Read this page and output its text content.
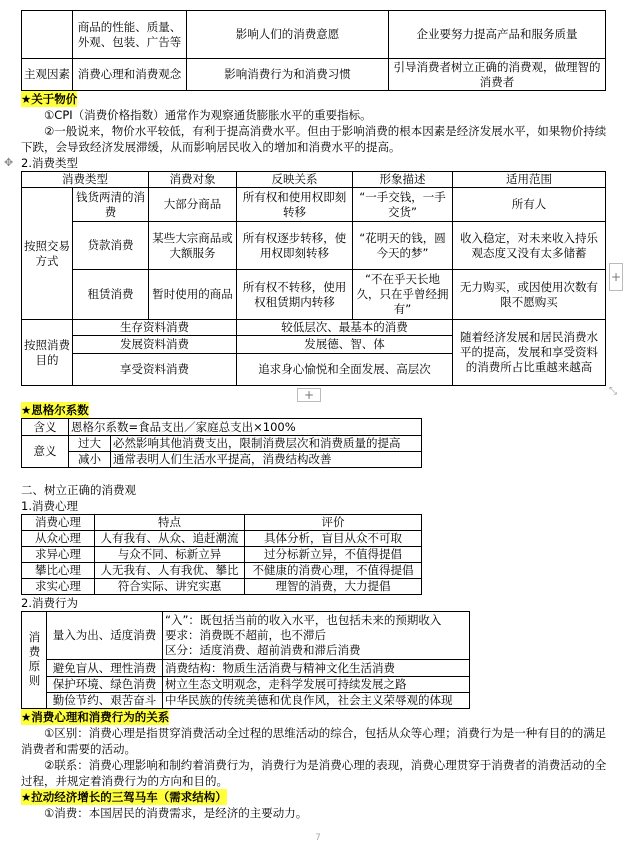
	商品的性能、质量、外观、包装、广告等	影响人们的消费意愿	企业要努力提高产品和服务质量
主观因素	消费心理和消费观念	影响消费行为和消费习惯	引导消费者树立正确的消费观，做理智的消费者
★关于物价
①CPI（消费价格指数）通常作为观察通货膨胀水平的重要指标。
②一般说来，物价水平较低，有利于提高消费水平。但由于影响消费的根本因素是经济发展水平，如果物价持续下跌，会导致经济发展滞缓，从而影响居民收入的增加和消费水平的提高。
✥ 2.消费类型
消费类型		消费对象	反映关系	形象描述	适用范围
按照交易方式	钱货两清的消费	大部分商品	所有权和使用权即刻转移	“一手交钱，一手交货”	所有人
	贷款消费	某些大宗商品或大额服务	所有权逐步转移，使用权即刻转移	“花明天的钱，圆今天的梦”	收入稳定，对未来收入持乐观态度又没有太多储蓄
	租赁消费	暂时使用的商品	所有权不转移，使用权租赁期内转移	“不在乎天长地久，只在乎曾经拥有”	无力购买，或因使用次数有限不愿购买
按照消费目的	生存资料消费		较低层次、最基本的消费		随着经济发展和居民消费水平的提高，发展和享受资料的消费所占比重越来越高
	发展资料消费		发展德、智、体		
	享受资料消费		追求身心愉悦和全面发展、高层次		
+
+	⤡
★恩格尔系数
含义	恩格尔系数=食品支出／家庭总支出×100%	
意义	过大	必然影响其他消费支出，限制消费层次和消费质量的提高
	减小	通常表明人们生活水平提高，消费结构改善
二、树立正确的消费观
1.消费心理
消费心理	特点	评价
从众心理	人有我有、从众、追赶潮流	具体分析，盲目从众不可取
求异心理	与众不同、标新立异	过分标新立异，不值得提倡
攀比心理	人无我有、人有我优、攀比	不健康的消费心理，不值得提倡
求实心理	符合实际、讲究实惠	理智的消费，大力提倡
2.消费行为
消费原则	量入为出、适度消费	“入”：既包括当前的收入水平，也包括未来的预期收入
要求：消费既不超前，也不滞后
区分：适度消费、超前消费和滞后消费

	避免盲从、理性消费	消费结构：物质生活消费与精神文化生活消费
	保护环境、绿色消费	树立生态文明观念，走科学发展可持续发展之路
	勤俭节约、艰苦奋斗	中华民族的传统美德和优良作风，社会主义荣辱观的体现
★消费心理和消费行为的关系
①区别：消费心理是指贯穿消费活动全过程的思维活动的综合，包括从众等心理；消费行为是一种有目的的满足消费者和需要的活动。
②联系：消费心理影响和制约着消费行为，消费行为是消费心理的表现，消费心理贯穿于消费者的消费活动的全过程，并规定着消费行为的方向和目的。
★拉动经济增长的三驾马车（需求结构）
①消费：本国居民的消费需求，是经济的主要动力。
7
